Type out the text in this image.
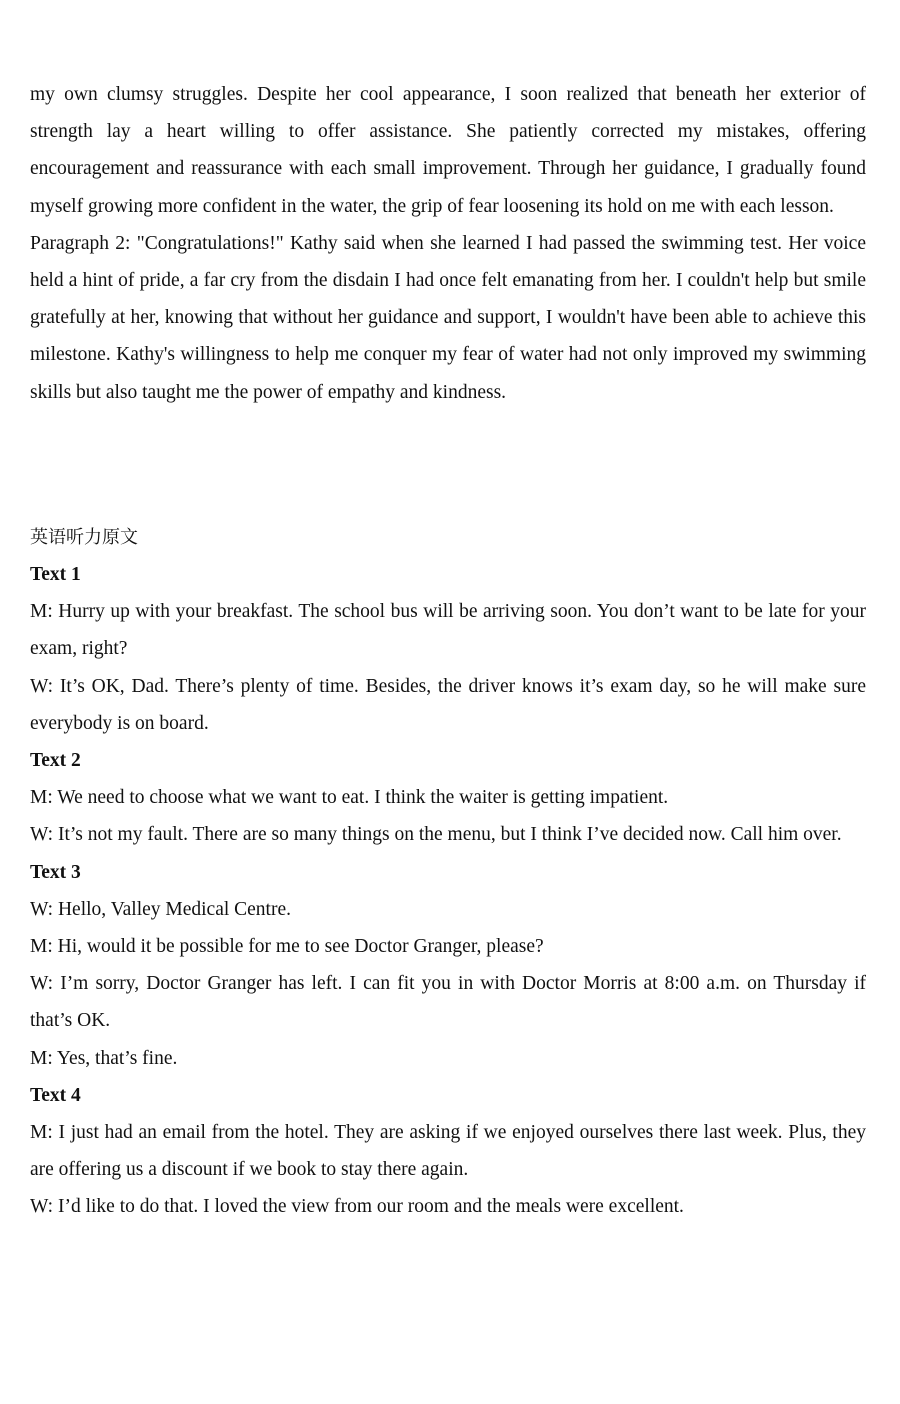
my own clumsy struggles. Despite her cool appearance, I soon realized that beneath her exterior of strength lay a heart willing to offer assistance. She patiently corrected my mistakes, offering encouragement and reassurance with each small improvement. Through her guidance, I gradually found myself growing more confident in the water, the grip of fear loosening its hold on me with each lesson.

Paragraph 2: "Congratulations!" Kathy said when she learned I had passed the swimming test. Her voice held a hint of pride, a far cry from the disdain I had once felt emanating from her. I couldn't help but smile gratefully at her, knowing that without her guidance and support, I wouldn't have been able to achieve this milestone. Kathy's willingness to help me conquer my fear of water had not only improved my swimming skills but also taught me the power of empathy and kindness.

英语听力原文

Text 1

M: Hurry up with your breakfast. The school bus will be arriving soon. You don’t want to be late for your exam, right?

W: It’s OK, Dad. There’s plenty of time. Besides, the driver knows it’s exam day, so he will make sure everybody is on board.

Text 2

M: We need to choose what we want to eat. I think the waiter is getting impatient.

W: It’s not my fault. There are so many things on the menu, but I think I’ve decided now. Call him over.

Text 3

W: Hello, Valley Medical Centre.

M: Hi, would it be possible for me to see Doctor Granger, please?

W: I’m sorry, Doctor Granger has left. I can fit you in with Doctor Morris at 8:00 a.m. on Thursday if that’s OK.

M: Yes, that’s fine.

Text 4

M: I just had an email from the hotel. They are asking if we enjoyed ourselves there last week. Plus, they are offering us a discount if we book to stay there again.

W: I’d like to do that. I loved the view from our room and the meals were excellent.
